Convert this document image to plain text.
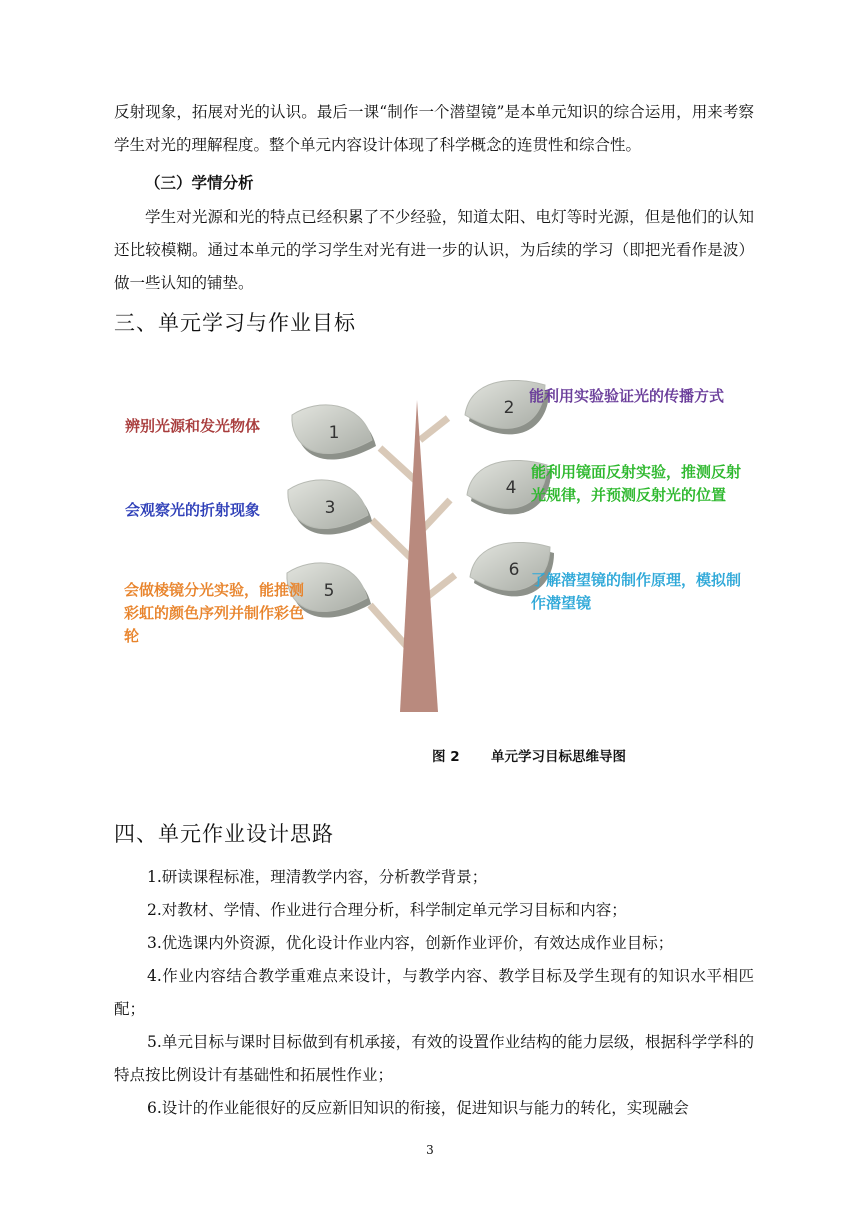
反射现象，拓展对光的认识。最后一课“制作一个潜望镜”是本单元知识的综合运用，用来考察学生对光的理解程度。整个单元内容设计体现了科学概念的连贯性和综合性。

（三）学情分析

学生对光源和光的特点已经积累了不少经验，知道太阳、电灯等时光源，但是他们的认知还比较模糊。通过本单元的学习学生对光有进一步的认识，为后续的学习（即把光看作是波）做一些认知的铺垫。

三、单元学习与作业目标
1
2
3
4
5
6
辨别光源和发光物体
能利用实验验证光的传播方式
会观察光的折射现象
能利用镜面反射实验，推测反射光规律，并预测反射光的位置
会做棱镜分光实验，能推测彩虹的颜色序列并制作彩色轮
了解潜望镜的制作原理，模拟制作潜望镜

图 2 单元学习目标思维导图

四、单元作业设计思路

1.研读课程标准，理清教学内容，分析教学背景；

2.对教材、学情、作业进行合理分析，科学制定单元学习目标和内容；

3.优选课内外资源，优化设计作业内容，创新作业评价，有效达成作业目标；

4.作业内容结合教学重难点来设计，与教学内容、教学目标及学生现有的知识水平相匹配；

5.单元目标与课时目标做到有机承接，有效的设置作业结构的能力层级，根据科学学科的特点按比例设计有基础性和拓展性作业；

6.设计的作业能很好的反应新旧知识的衔接，促进知识与能力的转化，实现融会

3
